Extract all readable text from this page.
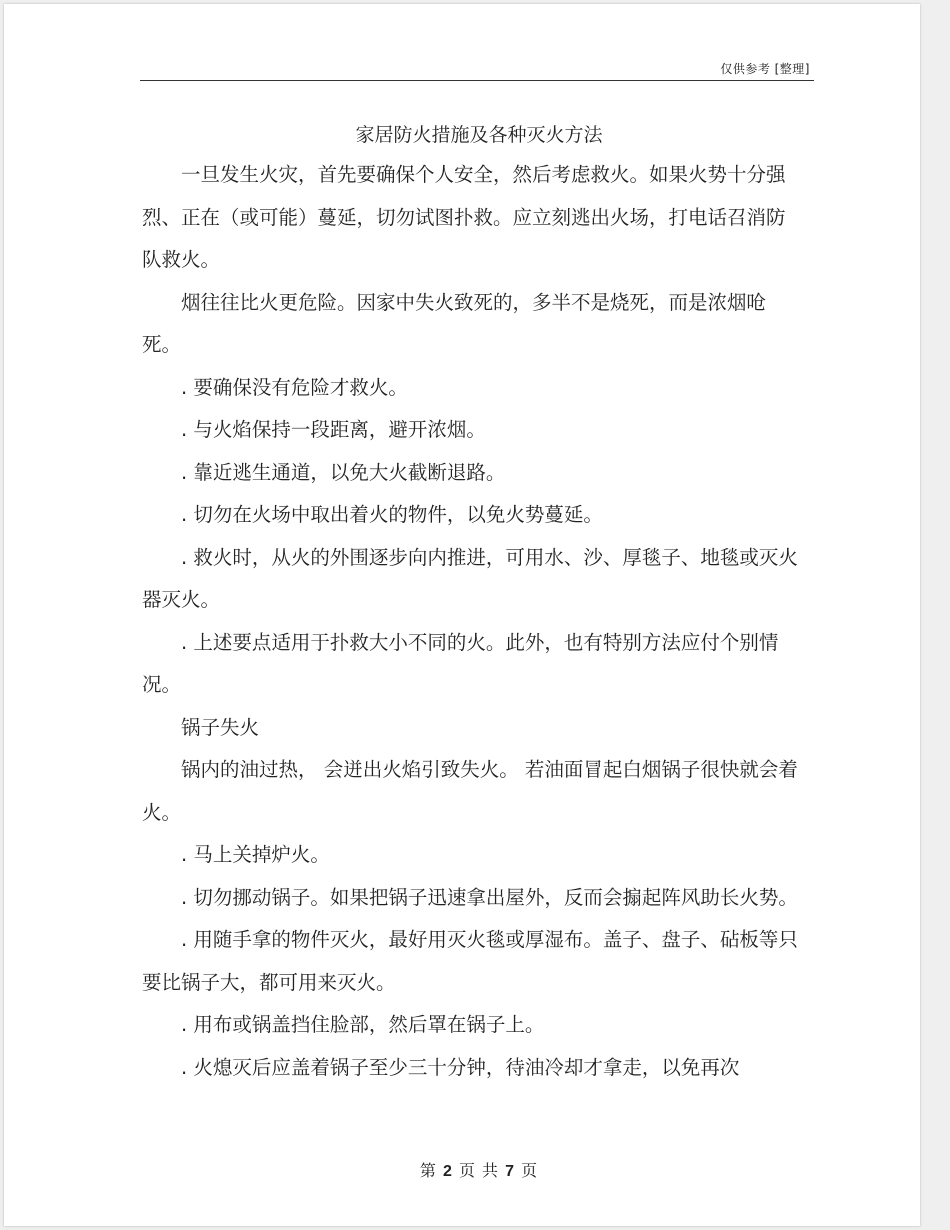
仅供参考 [整理]
家居防火措施及各种灭火方法

一旦发生火灾，首先要确保个人安全，然后考虑救火。如果火势十分强烈、正在（或可能）蔓延，切勿试图扑救。应立刻逃出火场，打电话召消防队救火。

烟往往比火更危险。因家中失火致死的，多半不是烧死，而是浓烟呛死。

. 要确保没有危险才救火。

. 与火焰保持一段距离，避开浓烟。

. 靠近逃生通道，以免大火截断退路。

. 切勿在火场中取出着火的物件，以免火势蔓延。

. 救火时，从火的外围逐步向内推进，可用水、沙、厚毯子、地毯或灭火器灭火。

. 上述要点适用于扑救大小不同的火。此外，也有特别方法应付个别情况。

锅子失火

锅内的油过热， 会迸出火焰引致失火。 若油面冒起白烟锅子很快就会着火。

. 马上关掉炉火。

. 切勿挪动锅子。如果把锅子迅速拿出屋外，反而会搧起阵风助长火势。

. 用随手拿的物件灭火，最好用灭火毯或厚湿布。盖子、盘子、砧板等只要比锅子大，都可用来灭火。

. 用布或锅盖挡住脸部，然后罩在锅子上。

. 火熄灭后应盖着锅子至少三十分钟，待油冷却才拿走，以免再次

第 2 页 共 7 页
